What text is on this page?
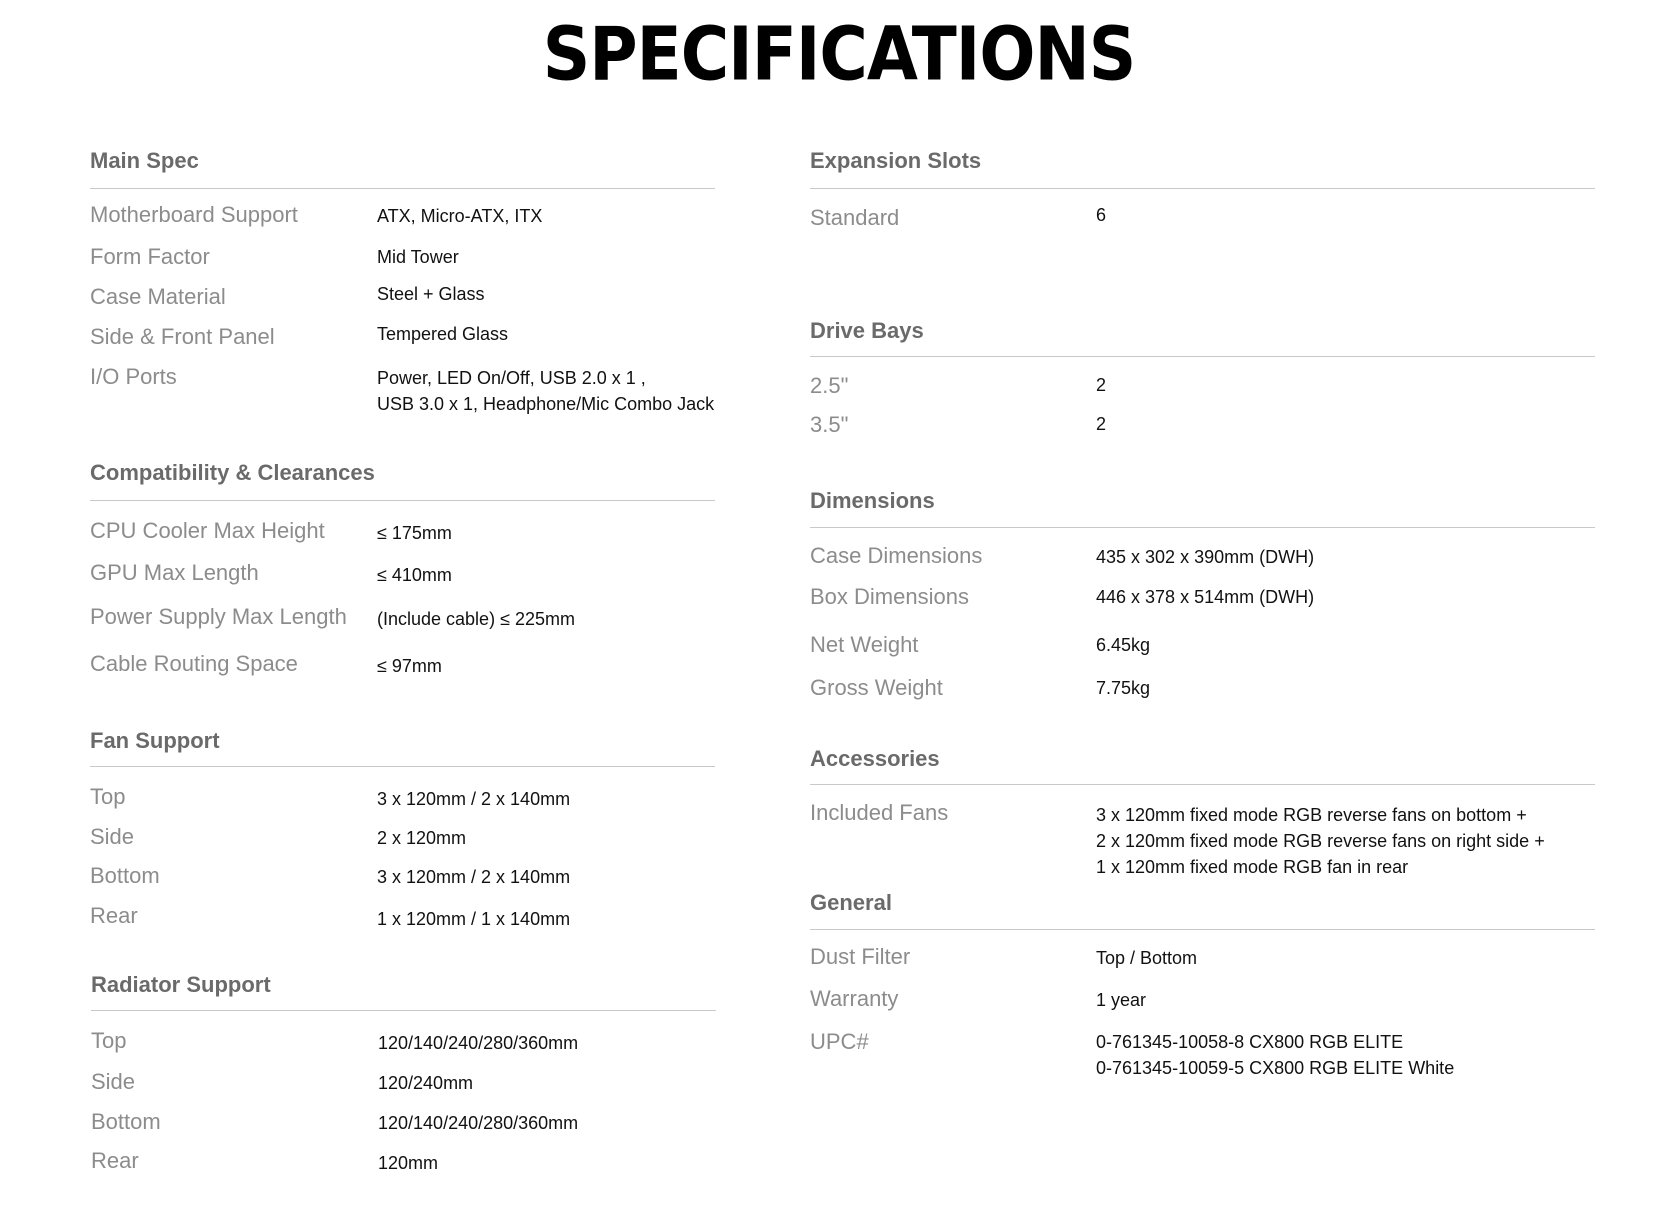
SPECIFICATIONS
Main Spec
Motherboard Support	ATX, Micro-ATX, ITX
Form Factor	Mid Tower
Case Material	Steel + Glass
Side & Front Panel	Tempered Glass
I/O Ports	Power, LED On/Off, USB 2.0 x 1 ,
USB 3.0 x 1, Headphone/Mic Combo Jack
Compatibility & Clearances
CPU Cooler Max Height	≤ 175mm
GPU Max Length	≤ 410mm
Power Supply Max Length (Include cable) ≤ 225mm
Cable Routing Space	≤ 97mm
Fan Support
Top	3 x 120mm / 2 x 140mm
Side	2 x 120mm
Bottom	3 x 120mm / 2 x 140mm
Rear	1 x 120mm / 1 x 140mm
Radiator Support
Top	120/140/240/280/360mm
Side	120/240mm
Bottom	120/140/240/280/360mm
Rear	120mm
Expansion Slots
Standard	6
Drive Bays
2.5"	2
3.5"	2
Dimensions
Case Dimensions	435 x 302 x 390mm (DWH)
Box Dimensions	446 x 378 x 514mm (DWH)
Net Weight	6.45kg
Gross Weight	7.75kg
Accessories
Included Fans	3 x 120mm fixed mode RGB reverse fans on bottom +
2 x 120mm fixed mode RGB reverse fans on right side +
1 x 120mm fixed mode RGB fan in rear
General
Dust Filter	Top / Bottom
Warranty	1 year
UPC#	0-761345-10058-8 CX800 RGB ELITE
0-761345-10059-5 CX800 RGB ELITE White
